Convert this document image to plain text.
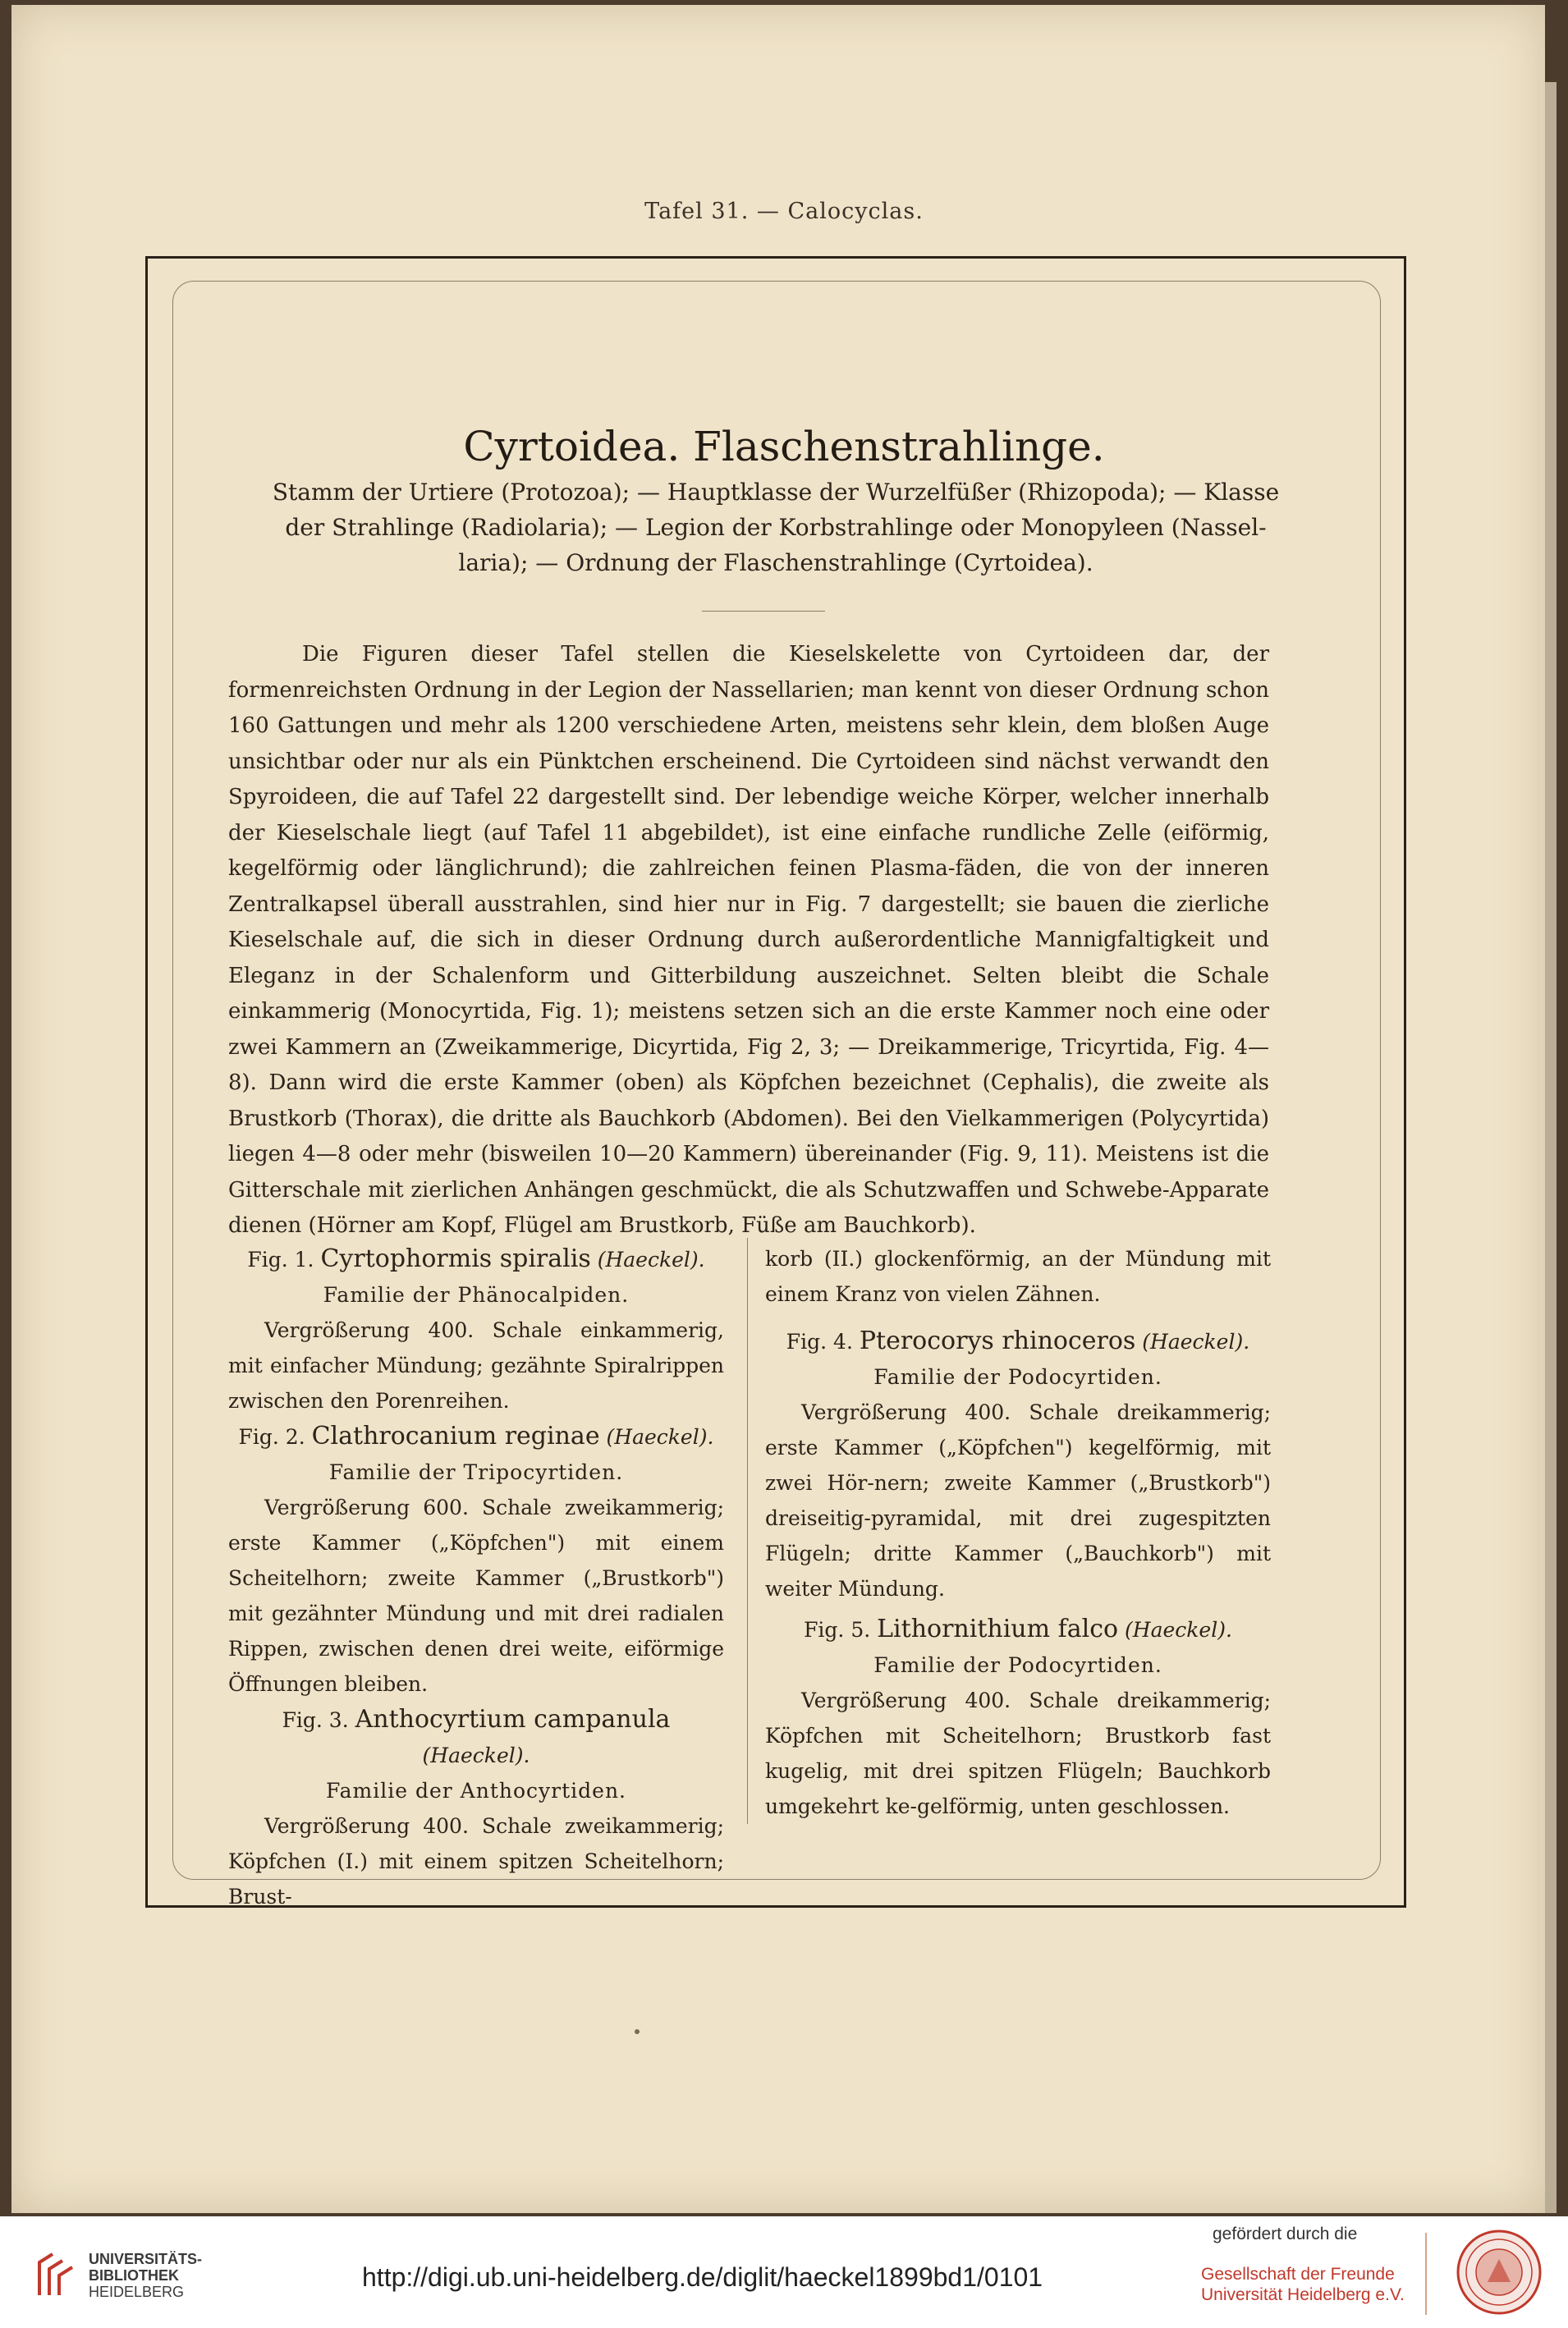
Tafel 31. — Calocyclas.
Cyrtoidea. Flaschenstrahlinge.
Stamm der Urtiere (Protozoa); — Hauptklasse der Wurzelfüßer (Rhizopoda); — Klasse
der Strahlinge (Radiolaria); — Legion der Korbstrahlinge oder Monopyleen (Nassel-
laria); — Ordnung der Flaschenstrahlinge (Cyrtoidea).
Die Figuren dieser Tafel stellen die Kieselskelette von Cyrtoideen dar, der formenreichsten Ordnung in der Legion der Nassellarien; man kennt von dieser Ordnung schon 160 Gattungen und mehr als 1200 verschiedene Arten, meistens sehr klein, dem bloßen Auge unsichtbar oder nur als ein Pünktchen erscheinend. Die Cyrtoideen sind nächst verwandt den Spyroideen, die auf Tafel 22 dargestellt sind. Der lebendige weiche Körper, welcher innerhalb der Kieselschale liegt (auf Tafel 11 abgebildet), ist eine einfache rundliche Zelle (eiförmig, kegelförmig oder länglichrund); die zahlreichen feinen Plasma-fäden, die von der inneren Zentralkapsel überall ausstrahlen, sind hier nur in Fig. 7 dargestellt; sie bauen die zierliche Kieselschale auf, die sich in dieser Ordnung durch außerordentliche Mannigfaltigkeit und Eleganz in der Schalenform und Gitterbildung auszeichnet. Selten bleibt die Schale einkammerig (Monocyrtida, Fig. 1); meistens setzen sich an die erste Kammer noch eine oder zwei Kammern an (Zweikammerige, Dicyrtida, Fig 2, 3; — Dreikammerige, Tricyrtida, Fig. 4—8). Dann wird die erste Kammer (oben) als Köpfchen bezeichnet (Cephalis), die zweite als Brustkorb (Thorax), die dritte als Bauchkorb (Abdomen). Bei den Vielkammerigen (Polycyrtida) liegen 4—8 oder mehr (bisweilen 10—20 Kammern) übereinander (Fig. 9, 11). Meistens ist die Gitterschale mit zierlichen Anhängen geschmückt, die als Schutzwaffen und Schwebe-Apparate dienen (Hörner am Kopf, Flügel am Brustkorb, Füße am Bauchkorb).
Fig. 1. Cyrtophormis spiralis (Haeckel).
Familie der Phänocalpiden.
Vergrößerung 400. Schale einkammerig, mit einfacher Mündung; gezähnte Spiralrippen zwischen den Porenreihen.
Fig. 2. Clathrocanium reginae (Haeckel).
Familie der Tripocyrtiden.
Vergrößerung 600. Schale zweikammerig; erste Kammer („Köpfchen") mit einem Scheitelhorn; zweite Kammer („Brustkorb") mit gezähnter Mündung und mit drei radialen Rippen, zwischen denen drei weite, eiförmige Öffnungen bleiben.
Fig. 3. Anthocyrtium campanula (Haeckel).
Familie der Anthocyrtiden.
Vergrößerung 400. Schale zweikammerig; Köpfchen (I.) mit einem spitzen Scheitelhorn; Brust-
korb (II.) glockenförmig, an der Mündung mit einem Kranz von vielen Zähnen.
Fig. 4. Pterocorys rhinoceros (Haeckel).
Familie der Podocyrtiden.
Vergrößerung 400. Schale dreikammerig; erste Kammer („Köpfchen") kegelförmig, mit zwei Hör-nern; zweite Kammer („Brustkorb") dreiseitig-pyramidal, mit drei zugespitzten Flügeln; dritte Kammer („Bauchkorb") mit weiter Mündung.
Fig. 5. Lithornithium falco (Haeckel).
Familie der Podocyrtiden.
Vergrößerung 400. Schale dreikammerig; Köpfchen mit Scheitelhorn; Brustkorb fast kugelig, mit drei spitzen Flügeln; Bauchkorb umgekehrt ke-gelförmig, unten geschlossen.
UNIVERSITÄTS-
BIBLIOTHEK
HEIDELBERG	http://digi.ub.uni-heidelberg.de/diglit/haeckel1899bd1/0101
gefördert durch die
Gesellschaft der Freunde
Universität Heidelberg e.V.
